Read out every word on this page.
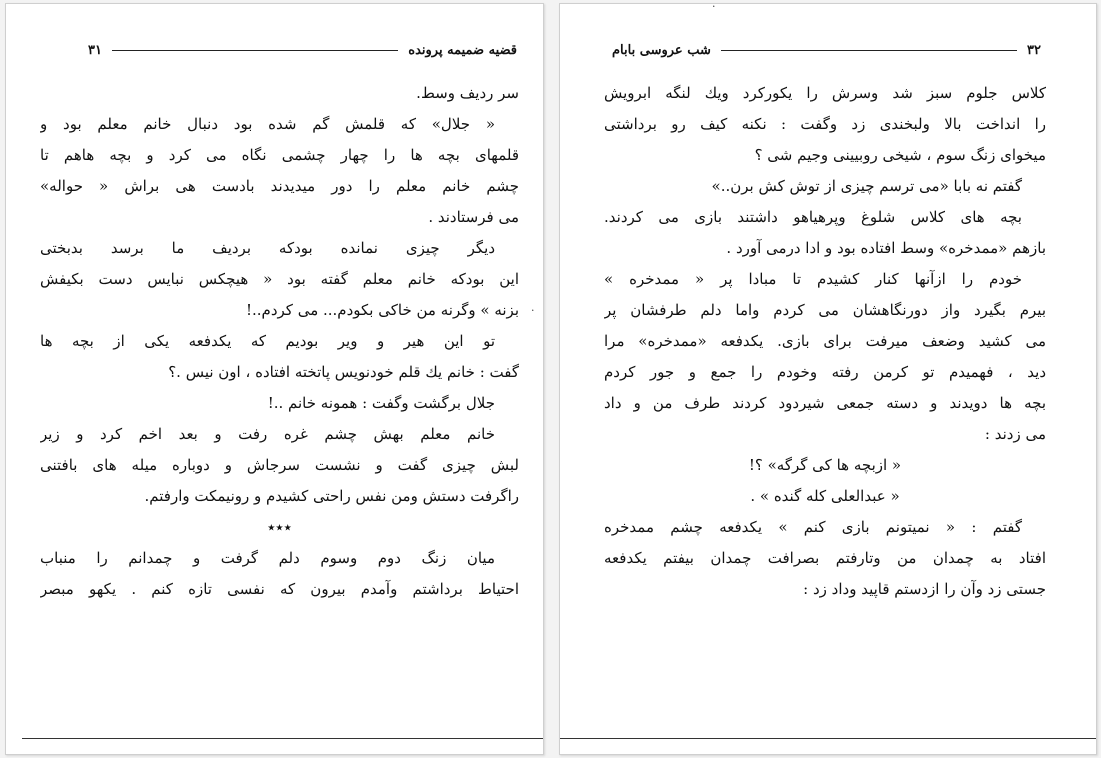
قضیه ضمیمه پرونده
۳۱
سر ردیف وسط.
« جلال» که قلمش گم شده بود دنبال خانم معلم بود و
قلمهای بچه ها را چهار چشمی نگاه می کرد و بچه هاهم تا
چشم خانم معلم را دور میدیدند بادست هی براش « حواله»
می فرستادند .
دیگر چیزی نمانده بودکه بردیف ما برسد بدبختی
این بودکه خانم معلم گفته بود « هیچکس نبایس دست بکیفش
بزنه » وگرنه من خاکی بکودم... می کردم..!
تو این هیر و ویر بودیم که یکدفعه یکی از بچه ها
گفت : خانم یك قلم خودنویس پاتخته افتاده ، اون نیس .؟
جلال برگشت وگفت : همونه خانم ..!
خانم معلم بهش چشم غره رفت و بعد اخم کرد و زیر
لبش چیزی گفت و نشست سرجاش و دوباره میله های بافتنی
راگرفت دستش ومن نفس راحتی کشیدم و رونیمکت وارفتم.
٭٭٭
میان زنگ دوم وسوم دلم گرفت و چمدانم را منباب
احتیاط برداشتم وآمدم بیرون که نفسی تازه کنم . یکهو مبصر
·
۳۲
شب عروسی بابام
کلاس جلوم سبز شد وسرش را یکورکرد ویك لنگه ابرویش
را انداخت بالا ولبخندی زد وگفت : نکنه کیف رو برداشتی
میخوای زنگ سوم ، شیخی روبیینی وجیم شی ؟
گفتم نه بابا «می ترسم چیزی از توش کش برن..»
بچه های کلاس شلوغ وپرهیاهو داشتند بازی می کردند.
بازهم «ممدخره» وسط افتاده بود و ادا درمی آورد .
خودم را ازآنها کنار کشیدم تا مبادا پر « ممدخره »
بیرم بگیرد واز دورنگاهشان می کردم واما دلم طرفشان پر
می کشید وضعف میرفت برای بازی. یکدفعه «ممدخره» مرا
دید ، فهمیدم تو کرمن رفته وخودم را جمع و جور کردم
بچه ها دویدند و دسته جمعی شیردود کردند طرف من و داد
می زدند :
« ازبچه ها کی گرگه» ؟!
« عبدالعلی کله گنده » .
گفتم : « نمیتونم بازی کنم » یکدفعه چشم ممدخره
افتاد به چمدان من وتارفتم بصرافت چمدان بیفتم یکدفعه
جستی زد وآن را ازدستم قاپید وداد زد :
·
